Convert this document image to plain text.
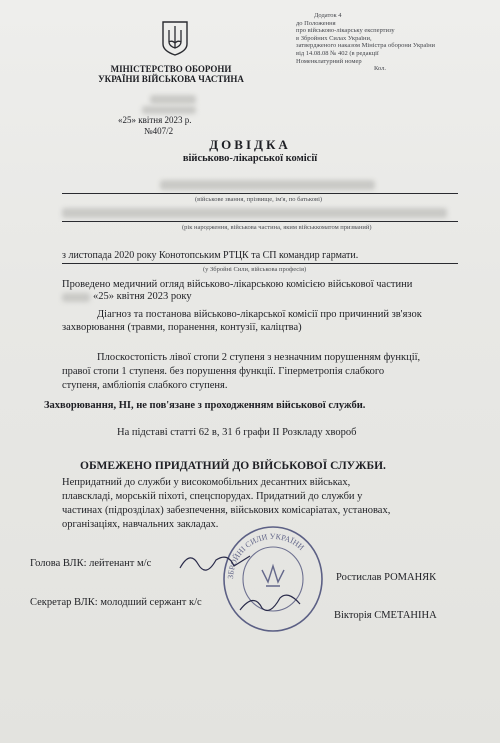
МІНІСТЕРСТВО ОБОРОНИ УКРАЇНИ ВІЙСЬКОВА ЧАСТИНА
«25» квітня 2023 р.
№407/2
Додаток 4
до Положення
про військово-лікарську експертизу
в Збройних Силах України,
затвердженого наказом Міністра оборони України
від 14.08.08 № 402 (в редакції
Номенклатурний номер
Кол.
ДОВІДКА
військово-лікарської комісії
(військове звання, прізвище, ім'я, по батькові)
(рік народження, військова частина, яким військкоматом призваний)
з листопада 2020 року Конотопським РТЦК та СП командир гармати.
(у Збройні Сили, військова професія)
Проведено медичний огляд військово-лікарською комісією військової частини
«25» квітня 2023 року
Діагноз та постанова військово-лікарської комісії про причинний зв'язок
захворювання (травми, поранення, контузії, каліцтва)
Плоскостопість лівої стопи 2 ступеня з незначним порушенням функції,
правої стопи 1 ступеня. без порушення функції. Гіперметропія слабкого
ступеня, амбліопія слабкого ступеня.
Захворювання, НІ, не пов'язане з проходженням військової служби.
На підставі статті 62 в, 31 б графи II Розкладу хвороб
ОБМЕЖЕНО ПРИДАТНИЙ ДО ВІЙСЬКОВОЇ СЛУЖБИ.
Непридатний до служби у високомобільних десантних військах,
плавскладі, морській піхоті, спецспорудах. Придатний до служби у
частинах (підрозділах) забезпечення, військових комісаріатах, установах,
організаціях, навчальних закладах.
ЗБРОЙНІ СИЛИ УКРАЇНИ
Голова ВЛК: лейтенант м/с
Ростислав РОМАНЯК
Секретар ВЛК: молодший сержант к/с
Вікторія СМЕТАНІНА
